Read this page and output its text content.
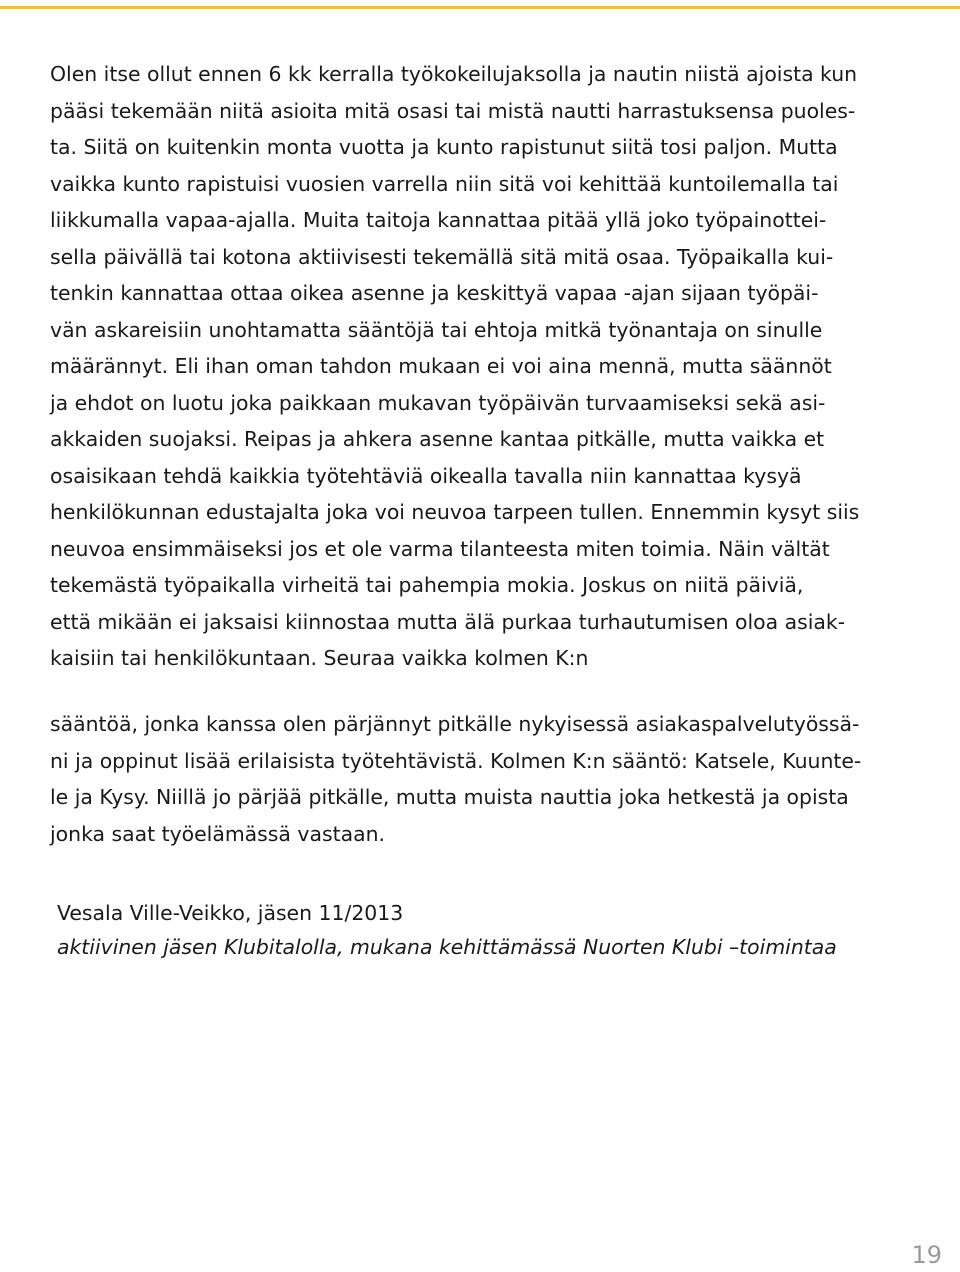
Olen itse ollut ennen 6 kk kerralla työkokeilujaksolla ja nautin niistä ajoista kun
pääsi tekemään niitä asioita mitä osasi tai mistä nautti harrastuksensa puoles-
ta. Siitä on kuitenkin monta vuotta ja kunto rapistunut siitä tosi paljon. Mutta
vaikka kunto rapistuisi vuosien varrella niin sitä voi kehittää kuntoilemalla tai
liikkumalla vapaa-ajalla. Muita taitoja kannattaa pitää yllä joko työpainottei-
sella päivällä tai kotona aktiivisesti tekemällä sitä mitä osaa. Työpaikalla kui-
tenkin kannattaa ottaa oikea asenne ja keskittyä vapaa -ajan sijaan työpäi-
vän askareisiin unohtamatta sääntöjä tai ehtoja mitkä työnantaja on sinulle
määrännyt. Eli ihan oman tahdon mukaan ei voi aina mennä, mutta säännöt
ja ehdot on luotu joka paikkaan mukavan työpäivän turvaamiseksi sekä asi-
akkaiden suojaksi. Reipas ja ahkera asenne kantaa pitkälle, mutta vaikka et
osaisikaan tehdä kaikkia työtehtäviä oikealla tavalla niin kannattaa kysyä
henkilökunnan edustajalta joka voi neuvoa tarpeen tullen. Ennemmin kysyt siis
neuvoa ensimmäiseksi jos et ole varma tilanteesta miten toimia. Näin vältät
tekemästä työpaikalla virheitä tai pahempia mokia. Joskus on niitä päiviä,
että mikään ei jaksaisi kiinnostaa mutta älä purkaa turhautumisen oloa asiak-
kaisiin tai henkilökuntaan. Seuraa vaikka kolmen K:n
sääntöä, jonka kanssa olen pärjännyt pitkälle nykyisessä asiakaspalvelutyössä-
ni ja oppinut lisää erilaisista työtehtävistä. Kolmen K:n sääntö: Katsele, Kuunte-
le ja Kysy. Niillä jo pärjää pitkälle, mutta muista nauttia joka hetkestä ja opista
jonka saat työelämässä vastaan.
Vesala Ville-Veikko, jäsen 11/2013
aktiivinen jäsen Klubitalolla, mukana kehittämässä Nuorten Klubi –toimintaa
19
